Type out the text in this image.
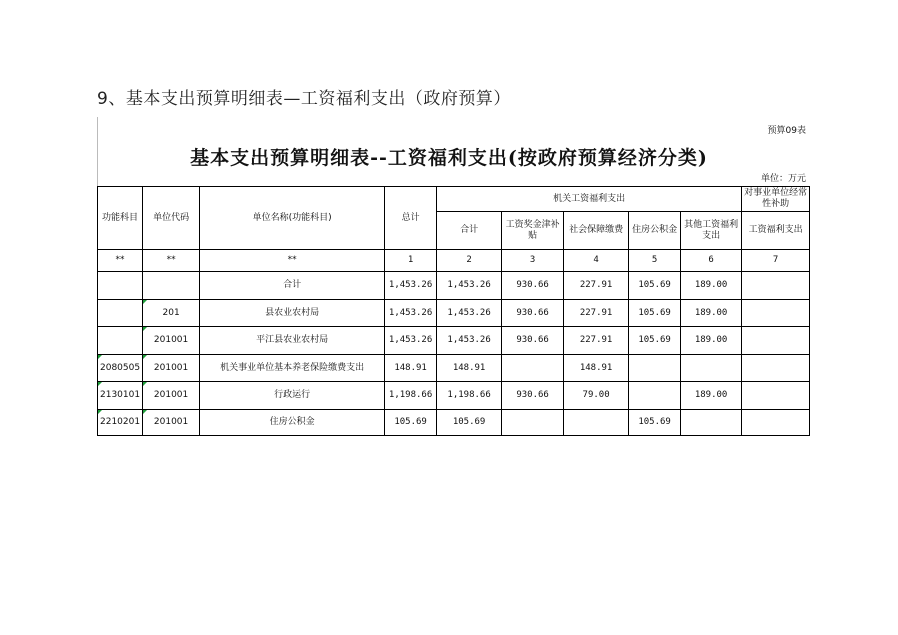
9、基本支出预算明细表—工资福利支出（政府预算）
预算09表
基本支出预算明细表--工资福利支出(按政府预算经济分类)
单位：万元
功能科目	单位代码	单位名称(功能科目)	总计	机关工资福利支出					对事业单位经常性补助
				合计	工资奖金津补贴	社会保障缴费	住房公积金	其他工资福利支出	工资福利支出
**	**	**	1	2	3	4	5	6	7
		合计	1,453.26	1,453.26	930.66	227.91	105.69	189.00	
	201	县农业农村局	1,453.26	1,453.26	930.66	227.91	105.69	189.00	
	201001	平江县农业农村局	1,453.26	1,453.26	930.66	227.91	105.69	189.00	
2080505	201001	机关事业单位基本养老保险缴费支出	148.91	148.91		148.91			
2130101	201001	行政运行	1,198.66	1,198.66	930.66	79.00		189.00	
2210201	201001	住房公积金	105.69	105.69			105.69		
